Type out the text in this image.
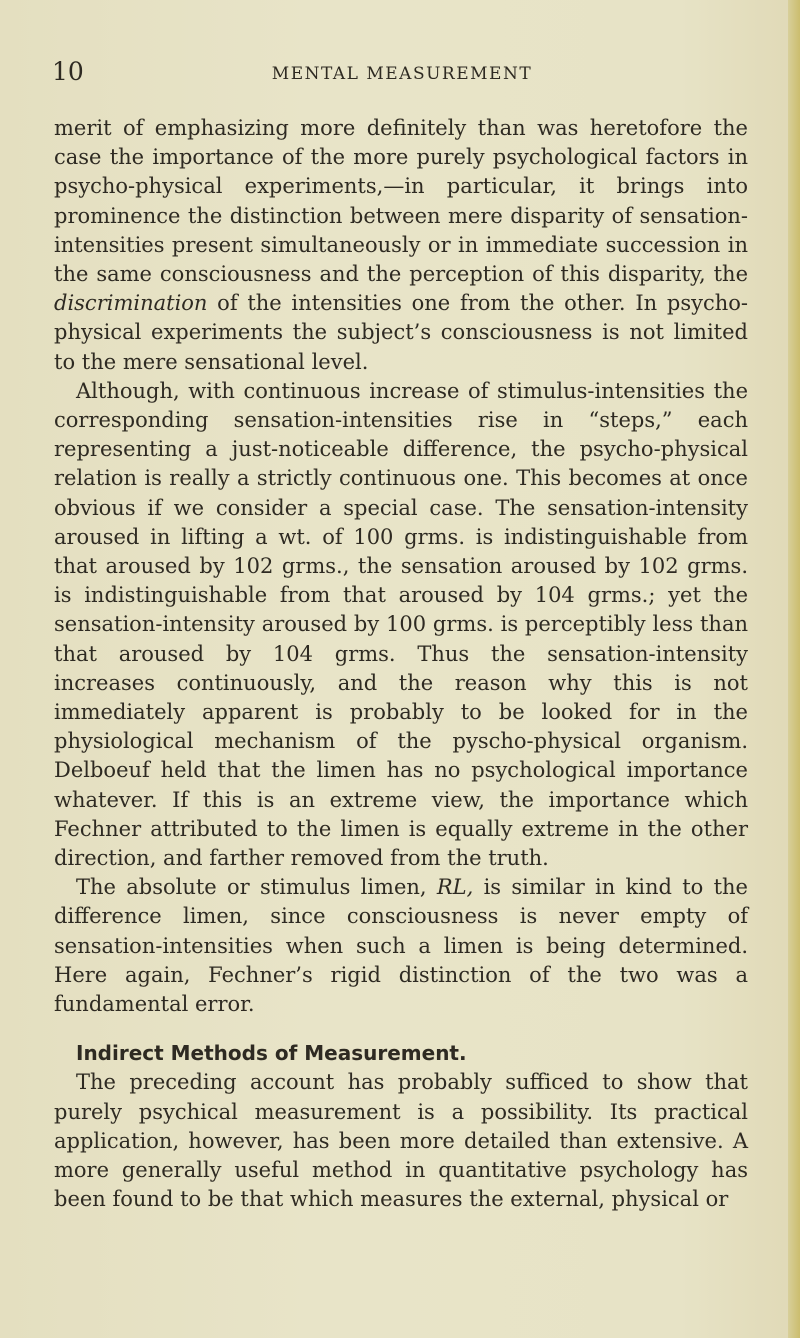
10	MENTAL MEASUREMENT

merit of emphasizing more definitely than was heretofore the case the importance of the more purely psychological factors in psycho-physical experiments,—in particular, it brings into prominence the distinction between mere disparity of sensation-intensities present simultaneously or in immediate succession in the same consciousness and the perception of this disparity, the discrimination of the intensities one from the other. In psycho-physical experiments the subject’s consciousness is not limited to the mere sensational level.

Although, with continuous increase of stimulus-intensities the corresponding sensation-intensities rise in “steps,” each representing a just-noticeable difference, the psycho-physical relation is really a strictly continuous one. This becomes at once obvious if we consider a special case. The sensation-intensity aroused in lifting a wt. of 100 grms. is indistinguishable from that aroused by 102 grms., the sensation aroused by 102 grms. is indistinguishable from that aroused by 104 grms.; yet the sensation-intensity aroused by 100 grms. is perceptibly less than that aroused by 104 grms. Thus the sensation-intensity increases continuously, and the reason why this is not immediately apparent is probably to be looked for in the physiological mechanism of the pyscho-physical organism. Delboeuf held that the limen has no psychological importance whatever. If this is an extreme view, the importance which Fechner attributed to the limen is equally extreme in the other direction, and farther removed from the truth.

The absolute or stimulus limen, RL, is similar in kind to the difference limen, since consciousness is never empty of sensation-intensities when such a limen is being determined. Here again, Fechner’s rigid distinction of the two was a fundamental error.

Indirect Methods of Measurement.

The preceding account has probably sufficed to show that purely psychical measurement is a possibility. Its practical application, however, has been more detailed than extensive. A more generally useful method in quantitative psychology has been found to be that which measures the external, physical or
